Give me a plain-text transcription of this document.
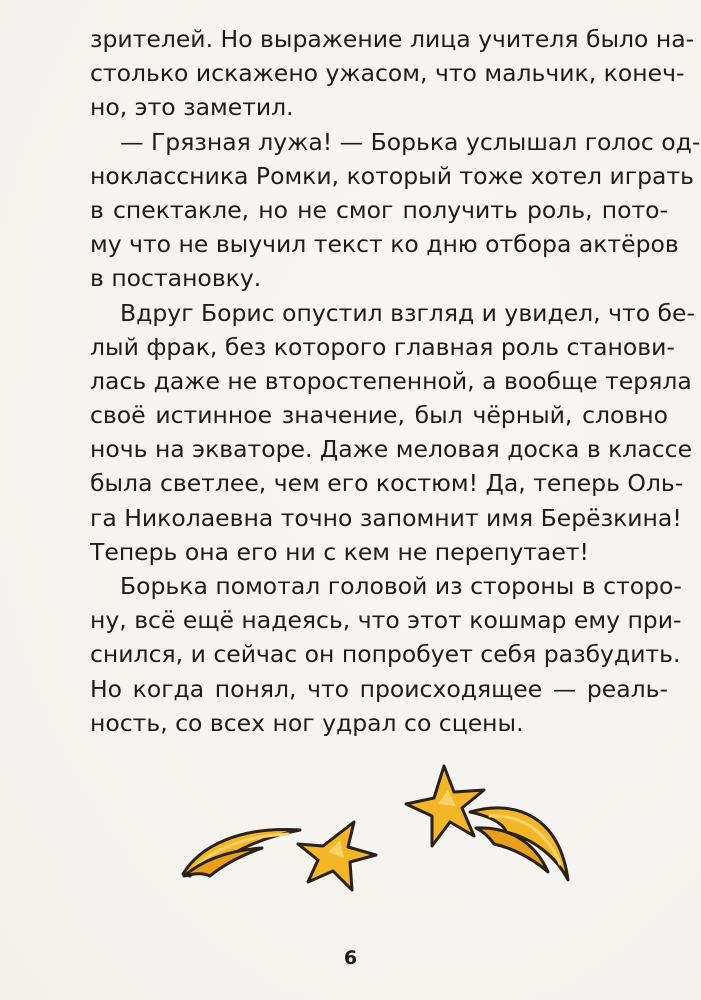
зрителей. Но выражение лица учителя было на-
столько искажено ужасом, что мальчик, конеч-
но, это заметил.
— Грязная лужа! — Борька услышал голос од-
ноклассника Ромки, который тоже хотел играть
в спектакле, но не смог получить роль, пото-
му что не выучил текст ко дню отбора актёров
в постановку.
Вдруг Борис опустил взгляд и увидел, что бе-
лый фрак, без которого главная роль станови-
лась даже не второстепенной, а вообще теряла
своё истинное значение, был чёрный, словно
ночь на экваторе. Даже меловая доска в классе
была светлее, чем его костюм! Да, теперь Оль-
га Николаевна точно запомнит имя Берёзкина!
Теперь она его ни с кем не перепутает!
Борька помотал головой из стороны в сторо-
ну, всё ещё надеясь, что этот кошмар ему при-
снился, и сейчас он попробует себя разбудить.
Но когда понял, что происходящее — реаль-
ность, со всех ног удрал со сцены.
6
